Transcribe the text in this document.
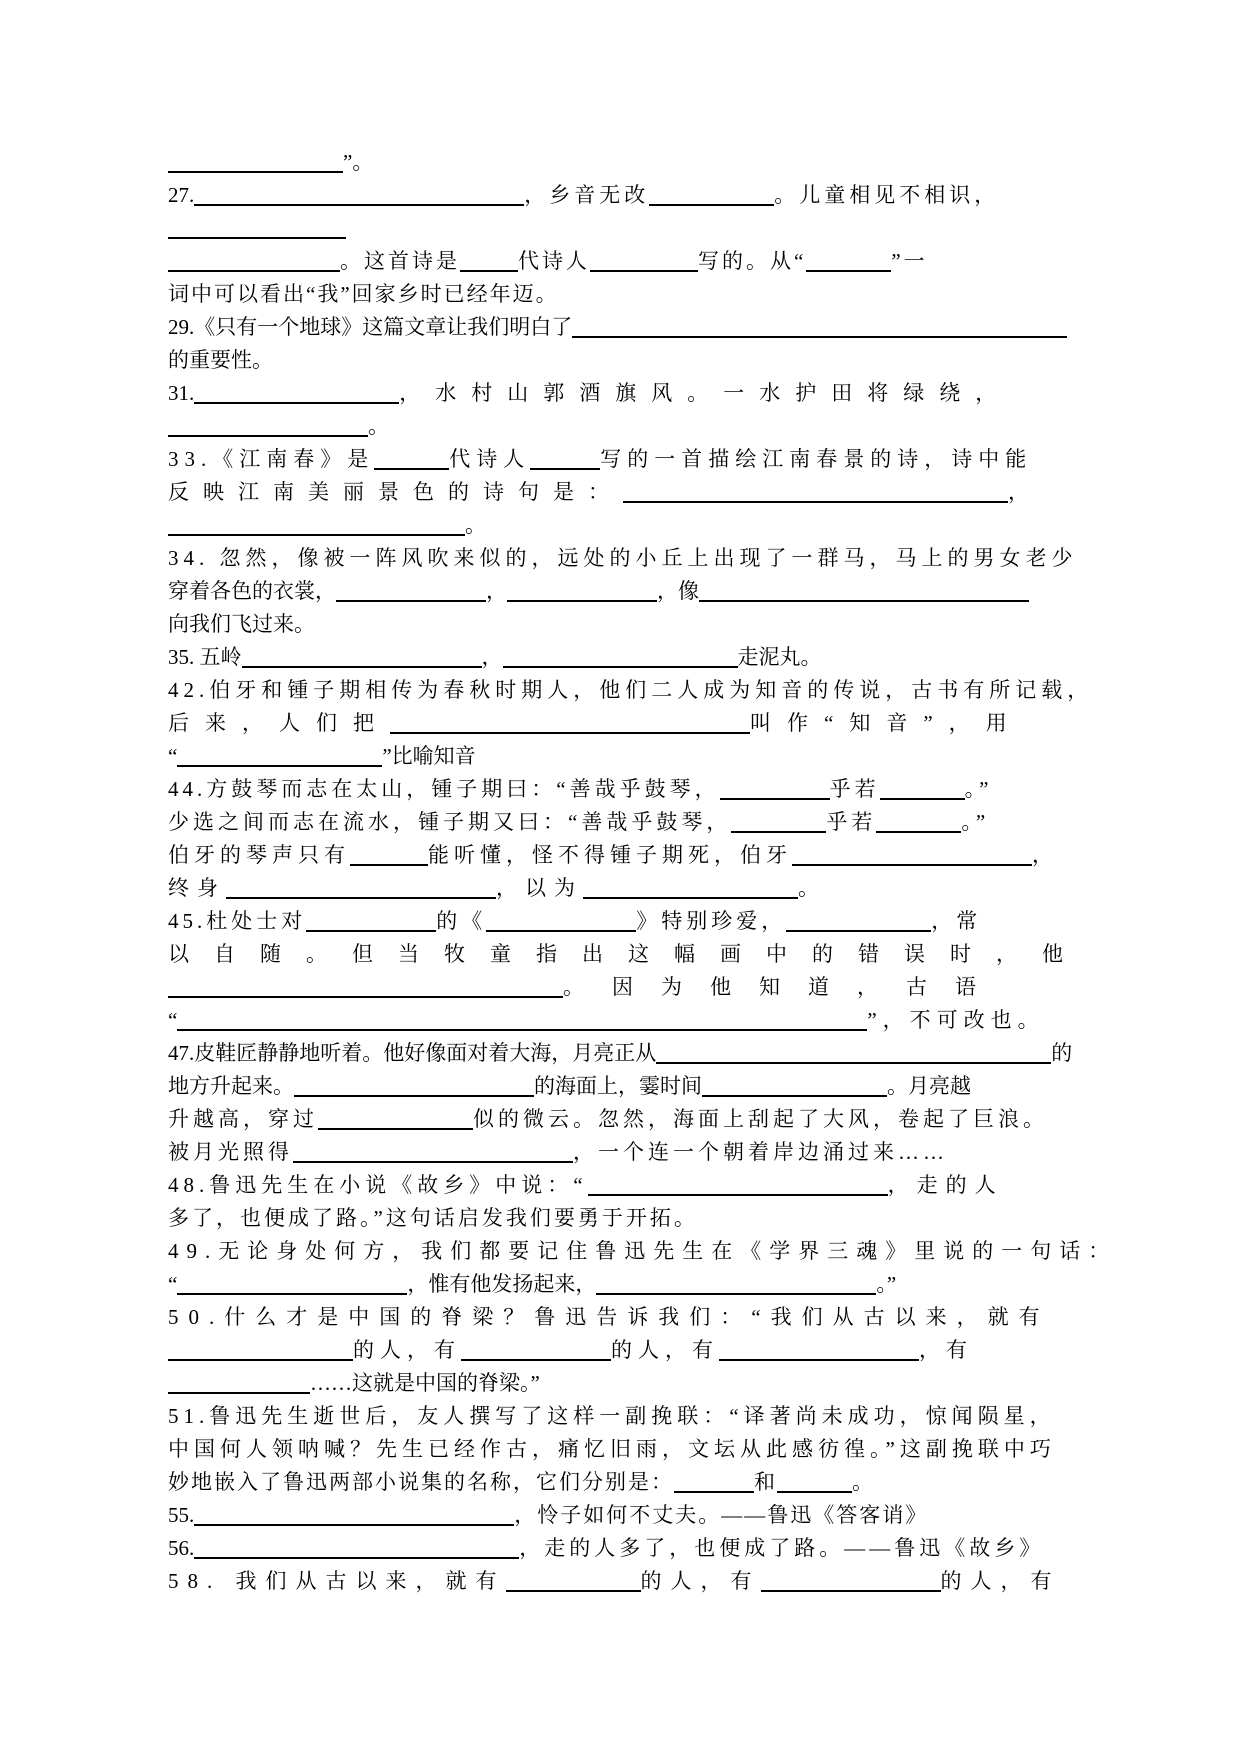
”。
27.	，乡音无改	。儿童相见不相识，
。这首诗是	代诗人	写的。从“	”一
词中可以看出“我”回家乡时已经年迈。
29.《只有一个地球》这篇文章让我们明白了
的重要性。
31.	，水村山郭酒旗风。一水护田将绿绕，
。
33.《江南春》是	代诗人	写的一首描绘江南春景的诗，诗中能
反映江南美丽景色的诗句是：	，
。
34. 忽然，像被一阵风吹来似的，远处的小丘上出现了一群马，马上的男女老少
穿着各色的衣裳，	，	，像
向我们飞过来。
35. 五岭	，	走泥丸。
42.伯牙和锺子期相传为春秋时期人，他们二人成为知音的传说，古书有所记载，
后来，人们把	叫作“知音”，用
“	”比喻知音
44.方鼓琴而志在太山，锺子期曰：“善哉乎鼓琴，	乎若	。”
少选之间而志在流水，锺子期又曰：“善哉乎鼓琴，	乎若	。”
伯牙的琴声只有	能听懂，怪不得锺子期死，伯牙	，
终身	，以为	。
45.杜处士对	的《	》特别珍爱，	，常
以自随。但当牧童指出这幅画中的错误时，他
。因为他知道，古语
“	”，不可改也。
47.皮鞋匠静静地听着。他好像面对着大海，月亮正从	的
地方升起来。	的海面上，霎时间	。月亮越
升越高，穿过	似的微云。忽然，海面上刮起了大风，卷起了巨浪。
被月光照得	，一个连一个朝着岸边涌过来……
48.鲁迅先生在小说《故乡》中说：“	，走的人
多了，也便成了路。”这句话启发我们要勇于开拓。
49.无论身处何方，我们都要记住鲁迅先生在《学界三魂》里说的一句话：
“	，惟有他发扬起来，	。”
50.什么才是中国的脊梁？鲁迅告诉我们：“我们从古以来，就有
的人，有	的人，有	，有
……这就是中国的脊梁。”
51.鲁迅先生逝世后，友人撰写了这样一副挽联：“译著尚未成功，惊闻陨星，
中国何人领呐喊？先生已经作古，痛忆旧雨，文坛从此感彷徨。”这副挽联中巧
妙地嵌入了鲁迅两部小说集的名称，它们分别是：	和	。
55.	，怜子如何不丈夫。——鲁迅《答客诮》
56.	，走的人多了，也便成了路。——鲁迅《故乡》
58. 我们从古以来，就有	的人，有	的人，有
